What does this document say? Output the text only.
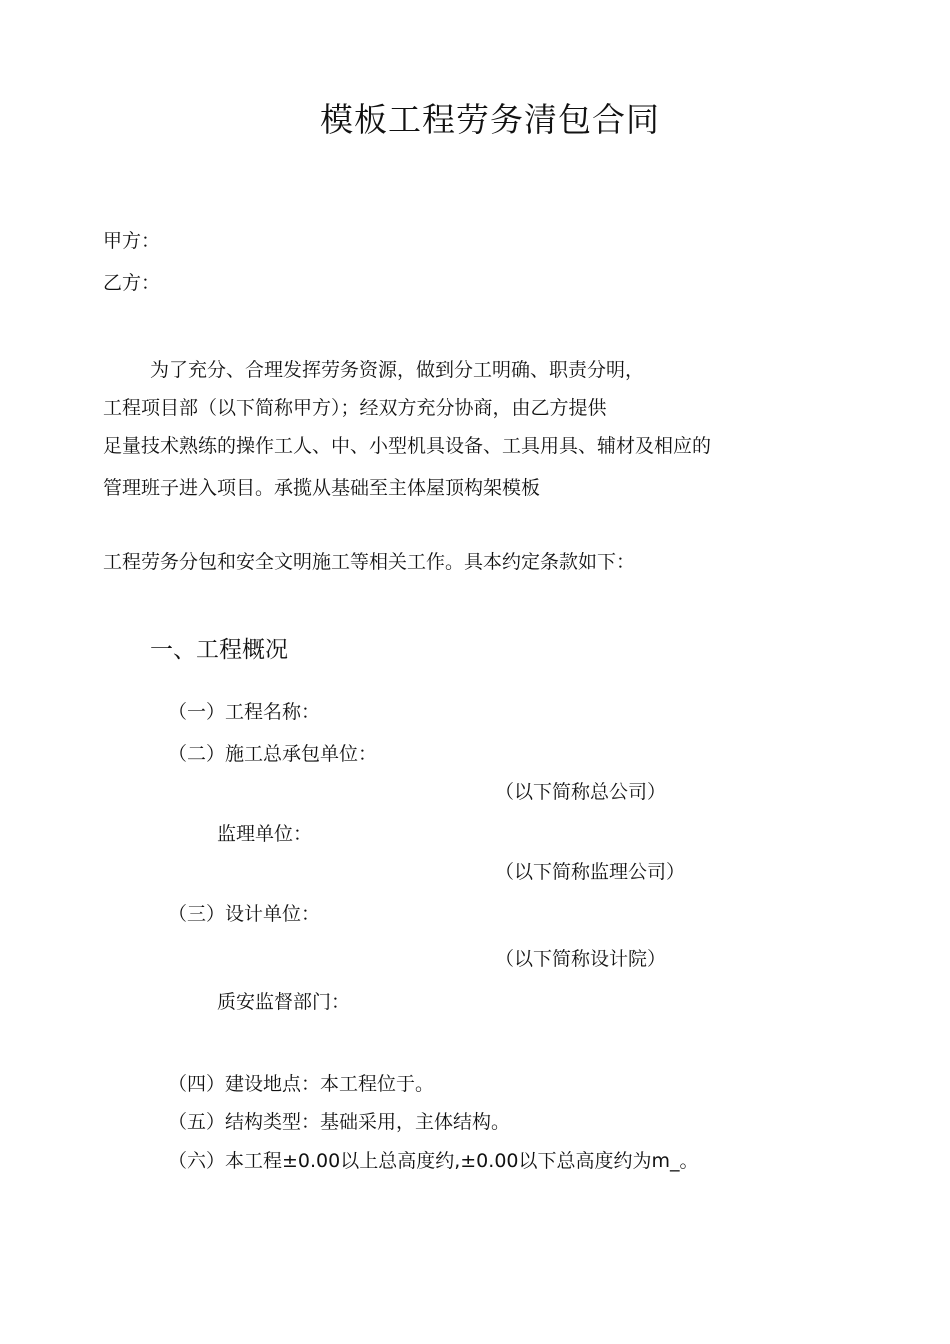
模板工程劳务清包合同
甲方：
乙方：
为了充分、合理发挥劳务资源，做到分工明确、职责分明，
工程项目部（以下简称甲方）；经双方充分协商，由乙方提供
足量技术熟练的操作工人、中、小型机具设备、工具用具、辅材及相应的
管理班子进入项目。承揽从基础至主体屋顶构架模板
工程劳务分包和安全文明施工等相关工作。具本约定条款如下：
一、工程概况
（一）工程名称：
（二）施工总承包单位：
（以下简称总公司）
监理单位：
（以下简称监理公司）
（三）设计单位：
（以下简称设计院）
质安监督部门：
（四）建设地点：本工程位于。
（五）结构类型：基础采用，主体结构。
（六）本工程±0.00以上总高度约,±0.00以下总高度约为m_。
